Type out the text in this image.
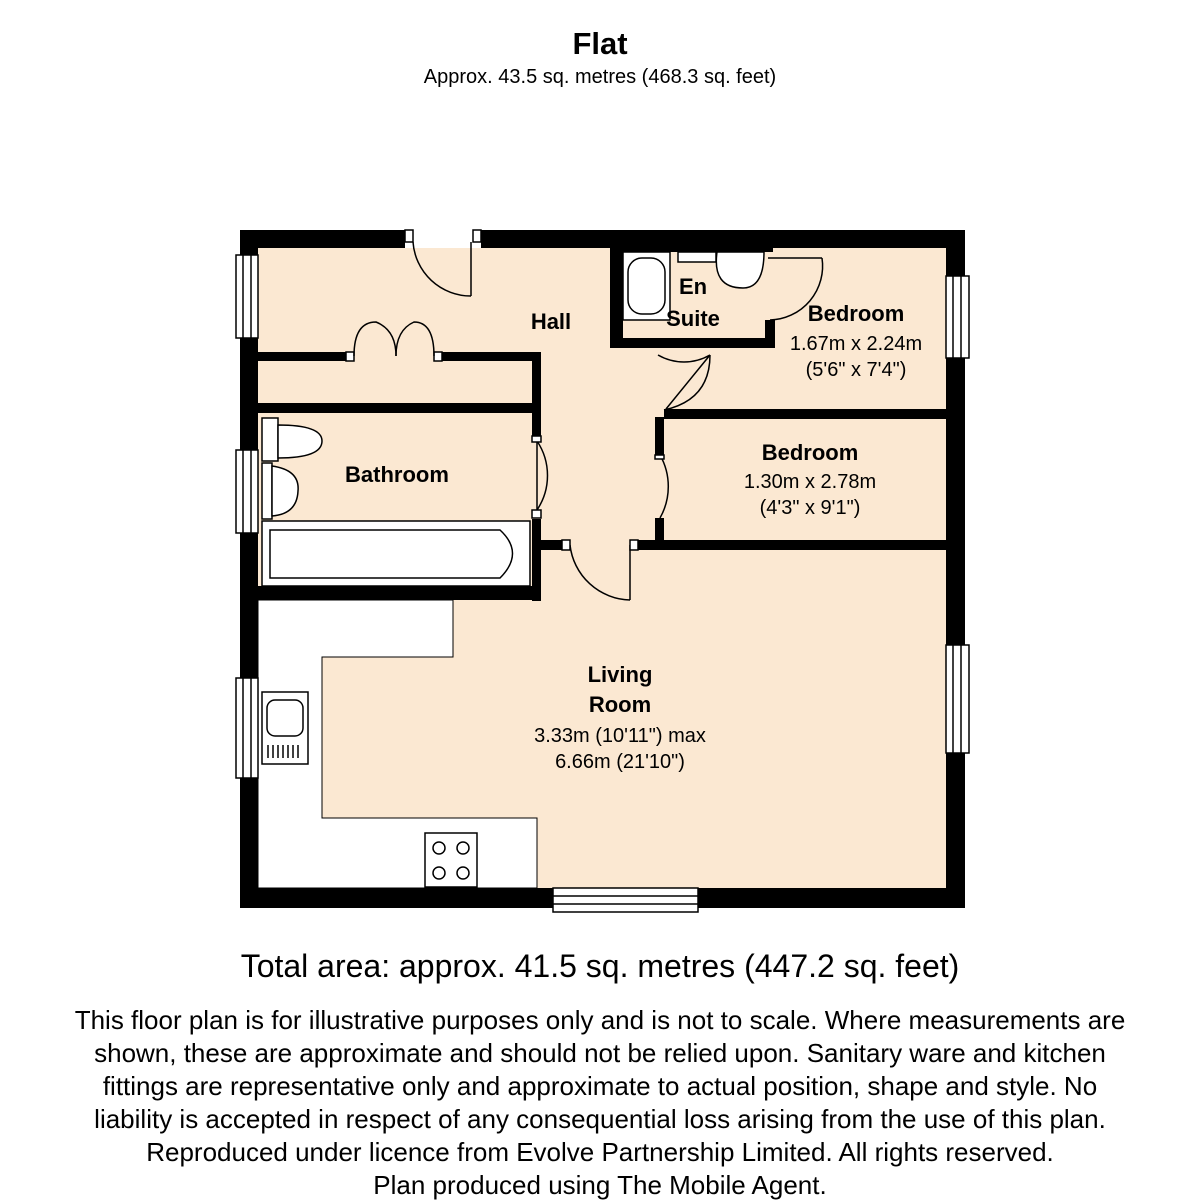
Flat
Approx. 43.5 sq. metres (468.3 sq. feet)
Hall
En
Suite	Bedroom
1.67m x 2.24m
(5'6" x 7'4")
Bedroom
1.30m x 2.78m
(4'3" x 9'1")
Bathroom
Living
Room
3.33m (10'11") max
6.66m (21'10")
Total area: approx. 41.5 sq. metres (447.2 sq. feet)
This floor plan is for illustrative purposes only and is not to scale. Where measurements are
shown, these are approximate and should not be relied upon. Sanitary ware and kitchen
fittings are representative only and approximate to actual position, shape and style. No
liability is accepted in respect of any consequential loss arising from the use of this plan.
Reproduced under licence from Evolve Partnership Limited. All rights reserved.
Plan produced using The Mobile Agent.
